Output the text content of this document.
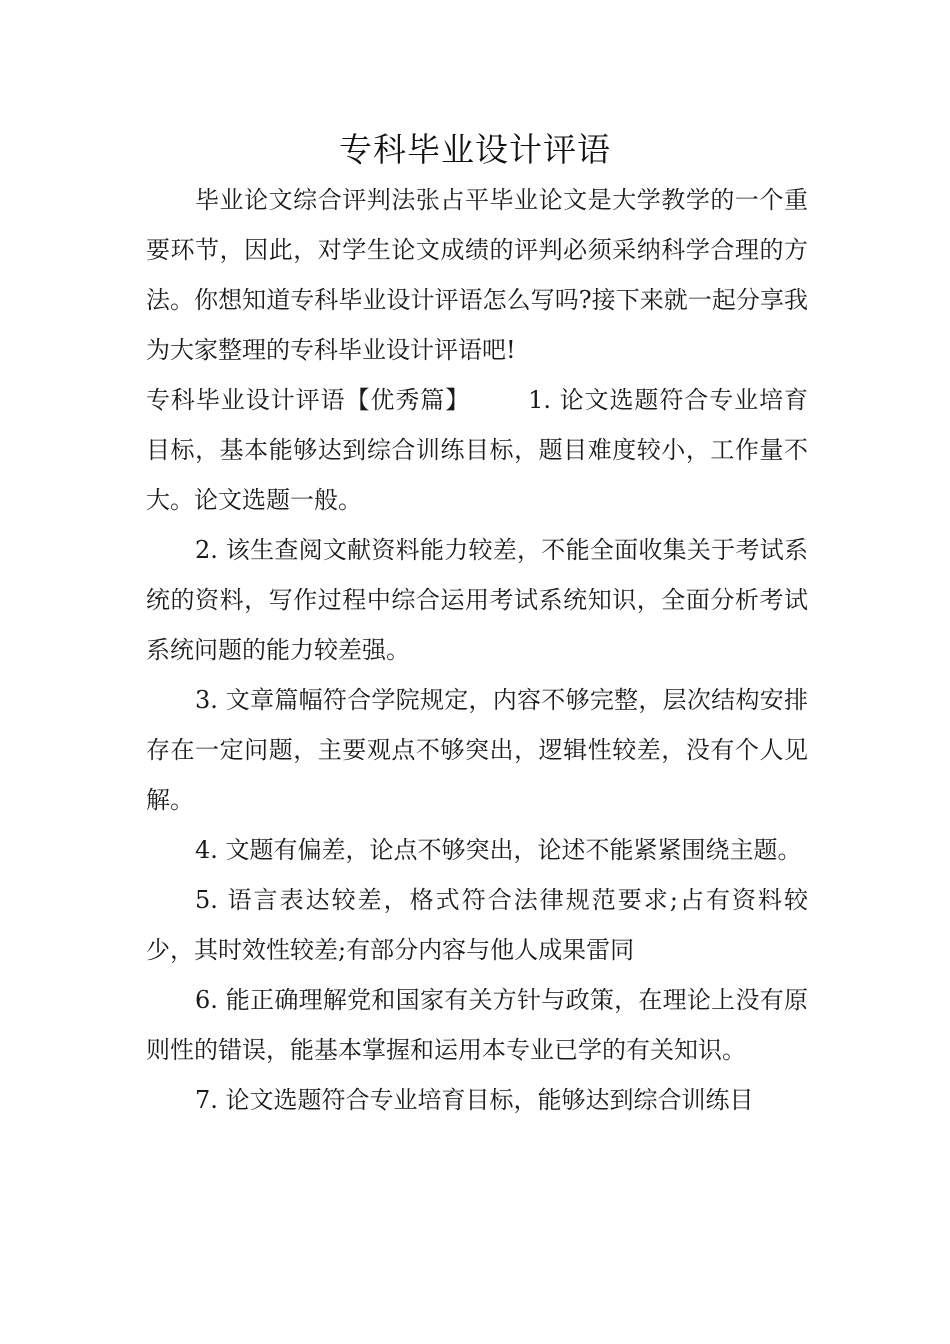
专科毕业设计评语

毕业论文综合评判法张占平毕业论文是大学教学的一个重要环节，因此，对学生论文成绩的评判必须采纳科学合理的方法。你想知道专科毕业设计评语怎么写吗?接下来就一起分享我为大家整理的专科毕业设计评语吧!

专科毕业设计评语【优秀篇】 1. 论文选题符合专业培育目标，基本能够达到综合训练目标，题目难度较小，工作量不大。论文选题一般。

2. 该生查阅文献资料能力较差，不能全面收集关于考试系统的资料，写作过程中综合运用考试系统知识，全面分析考试系统问题的能力较差强。

3. 文章篇幅符合学院规定，内容不够完整，层次结构安排存在一定问题，主要观点不够突出，逻辑性较差，没有个人见解。

4. 文题有偏差，论点不够突出，论述不能紧紧围绕主题。

5. 语言表达较差，格式符合法律规范要求;占有资料较少，其时效性较差;有部分内容与他人成果雷同

6. 能正确理解党和国家有关方针与政策，在理论上没有原则性的错误，能基本掌握和运用本专业已学的有关知识。

7. 论文选题符合专业培育目标，能够达到综合训练目
